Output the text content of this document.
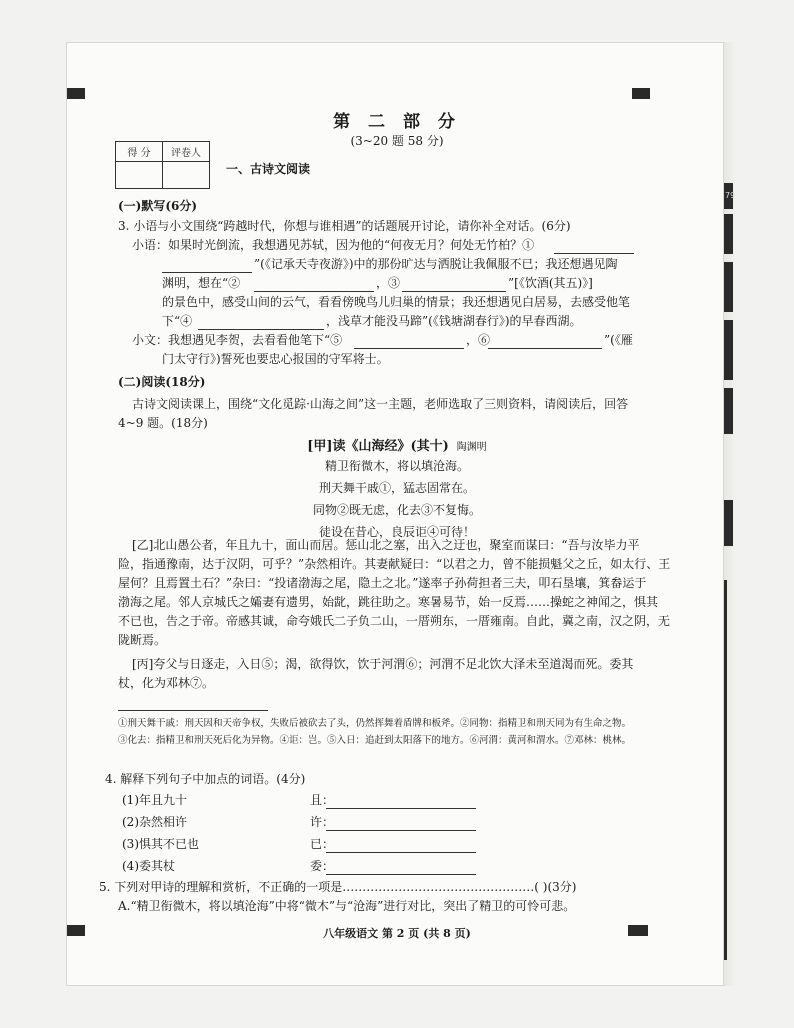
79
第 二 部 分
(3~20 题 58 分)
得 分	评卷人

一、古诗文阅读
(一)默写(6分)
3. 小语与小文围绕“跨越时代，你想与谁相遇”的话题展开讨论，请你补全对话。(6分)
小语：如果时光倒流，我想遇见苏轼，因为他的“何夜无月？何处无竹柏？①
”(《记承天寺夜游》)中的那份旷达与洒脱让我佩服不已；我还想遇见陶
渊明，想在“②	，③	”[《饮酒(其五)》]
的景色中，感受山间的云气，看看傍晚鸟儿归巢的情景；我还想遇见白居易，去感受他笔
下“④	，浅草才能没马蹄”(《钱塘湖春行》)的早春西湖。
小文：我想遇见李贺，去看看他笔下“⑤	，⑥	”(《雁
门太守行》)誓死也要忠心报国的守军将士。
(二)阅读(18分)
古诗文阅读课上，围绕“文化觅踪·山海之间”这一主题，老师选取了三则资料，请阅读后，回答
4~9 题。(18分)
[甲]读《山海经》(其十) 陶渊明
精卫衔微木，将以填沧海。
刑天舞干戚①，猛志固常在。
同物②既无虑，化去③不复悔。
徒设在昔心，良辰讵④可待！
[乙]北山愚公者，年且九十，面山而居。惩山北之塞，出入之迂也，聚室而谋曰：“吾与汝毕力平
险，指通豫南，达于汉阴，可乎？”杂然相许。其妻献疑曰：“以君之力，曾不能损魁父之丘，如太行、王
屋何？且焉置土石？”杂曰：“投诸渤海之尾，隐土之北。”遂率子孙荷担者三夫，叩石垦壤，箕畚运于
渤海之尾。邻人京城氏之孀妻有遗男，始龀，跳往助之。寒暑易节，始一反焉……操蛇之神闻之，惧其
不已也，告之于帝。帝感其诚，命夸娥氏二子负二山，一厝朔东，一厝雍南。自此，冀之南，汉之阴，无
陇断焉。
[丙]夸父与日逐走，入日⑤；渴，欲得饮，饮于河渭⑥；河渭不足北饮大泽未至道渴而死。委其
杖，化为邓林⑦。
①刑天舞干戚：刑天因和天帝争权，失败后被砍去了头，仍然挥舞着盾牌和板斧。②同物：指精卫和刑天同为有生命之物。③化去：指精卫和刑天死后化为异物。④讵：岂。⑤入日：追赶到太阳落下的地方。⑥河渭：黄河和渭水。⑦邓林：桃林。
4. 解释下列句子中加点的词语。(4分)
(1)年且九十	且：
(2)杂然相许	许：
(3)惧其不已也	已：
(4)委其杖	委：
5. 下列对甲诗的理解和赏析，不正确的一项是…………………………………………( )(3分)
A.“精卫衔微木，将以填沧海”中将“微木”与“沧海”进行对比，突出了精卫的可怜可悲。
八年级语文 第 2 页 (共 8 页)
